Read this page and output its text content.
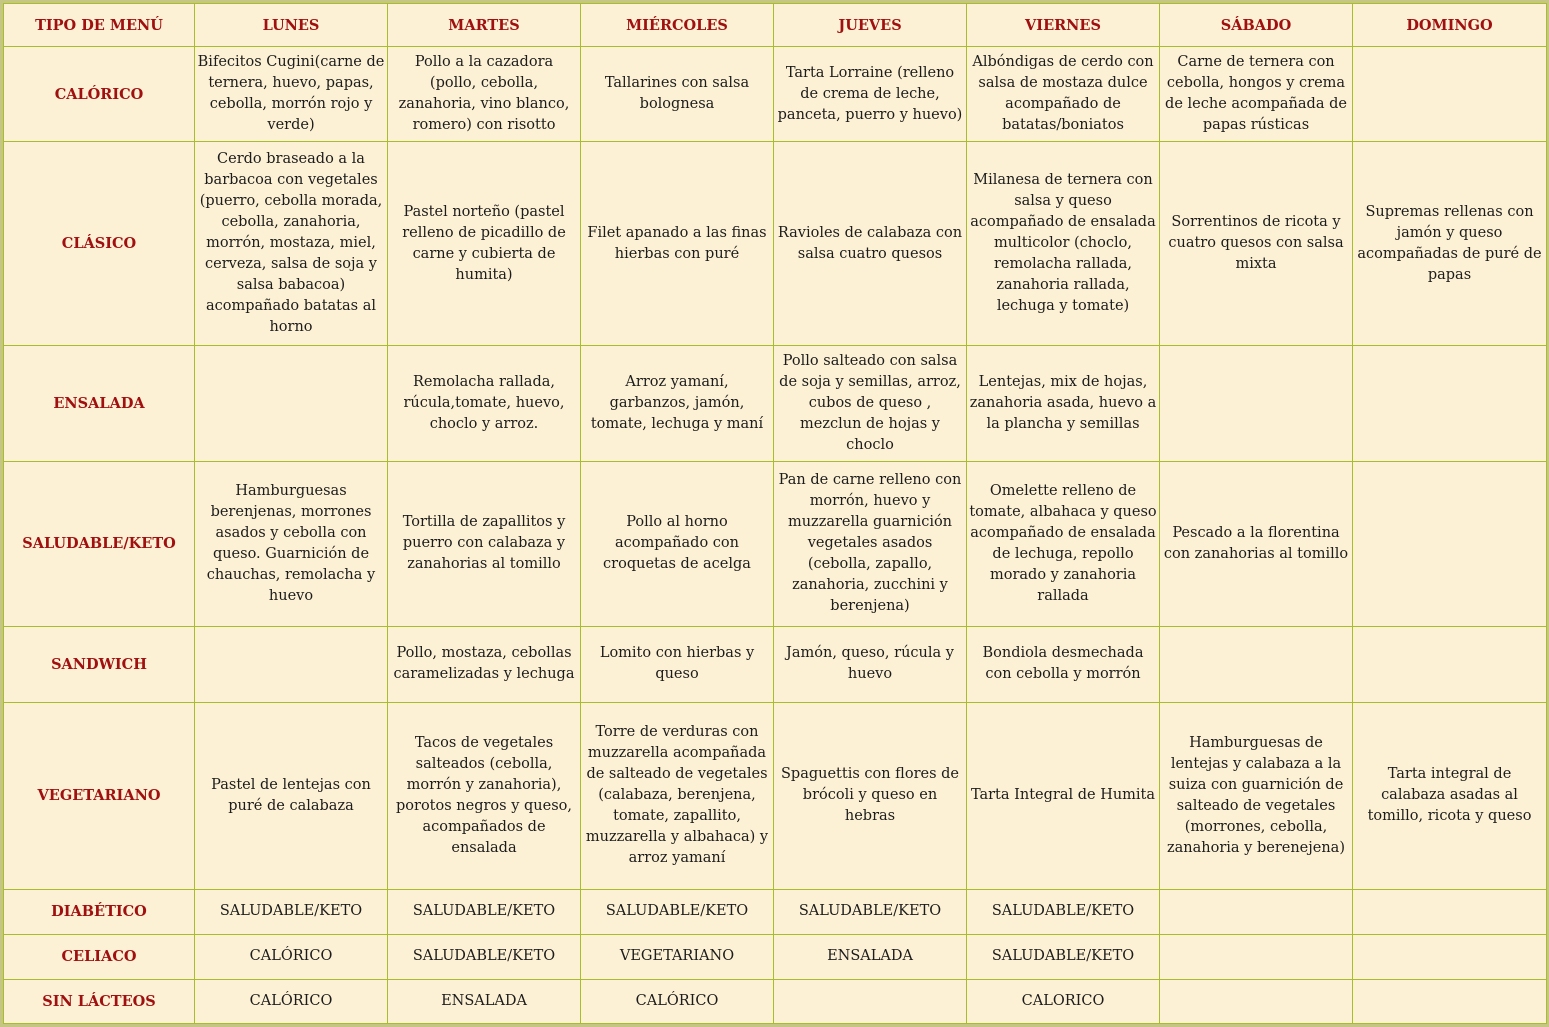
TIPO DE MENÚ	LUNES	MARTES	MIÉRCOLES	JUEVES	VIERNES	SÁBADO	DOMINGO
CALÓRICO	Bifecitos Cugini(carne de ternera, huevo, papas, cebolla, morrón rojo y verde)	Pollo a la cazadora (pollo, cebolla, zanahoria, vino blanco, romero) con risotto	Tallarines con salsa bolognesa	Tarta Lorraine (relleno de crema de leche, panceta, puerro y huevo)	Albóndigas de cerdo con salsa de mostaza dulce acompañado de batatas/boniatos	Carne de ternera con cebolla, hongos y crema de leche acompañada de papas rústicas	
CLÁSICO	Cerdo braseado a la barbacoa con vegetales (puerro, cebolla morada, cebolla, zanahoria, morrón, mostaza, miel, cerveza, salsa de soja y salsa babacoa) acompañado batatas al horno	Pastel norteño (pastel relleno de picadillo de carne y cubierta de humita)	Filet apanado a las finas hierbas con puré	Ravioles de calabaza con salsa cuatro quesos	Milanesa de ternera con salsa y queso acompañado de ensalada multicolor (choclo, remolacha rallada, zanahoria rallada, lechuga y tomate)	Sorrentinos de ricota y cuatro quesos con salsa mixta	Supremas rellenas con jamón y queso acompañadas de puré de papas
ENSALADA		Remolacha rallada, rúcula,tomate, huevo, choclo y arroz.	Arroz yamaní, garbanzos, jamón, tomate, lechuga y maní	Pollo salteado con salsa de soja y semillas, arroz, cubos de queso , mezclun de hojas y choclo	Lentejas, mix de hojas, zanahoria asada, huevo a la plancha y semillas		
SALUDABLE/KETO	Hamburguesas berenjenas, morrones asados y cebolla con queso. Guarnición de chauchas, remolacha y huevo	Tortilla de zapallitos y puerro con calabaza y zanahorias al tomillo	Pollo al horno acompañado con croquetas de acelga	Pan de carne relleno con morrón, huevo y muzzarella guarnición vegetales asados (cebolla, zapallo, zanahoria, zucchini y berenjena)	Omelette relleno de tomate, albahaca y queso acompañado de ensalada de lechuga, repollo morado y zanahoria rallada	Pescado a la florentina con zanahorias al tomillo	
SANDWICH		Pollo, mostaza, cebollas caramelizadas y lechuga	Lomito con hierbas y queso	Jamón, queso, rúcula y huevo	Bondiola desmechada con cebolla y morrón		
VEGETARIANO	Pastel de lentejas con puré de calabaza	Tacos de vegetales salteados (cebolla, morrón y zanahoria), porotos negros y queso, acompañados de ensalada	Torre de verduras con muzzarella acompañada de salteado de vegetales (calabaza, berenjena, tomate, zapallito, muzzarella y albahaca) y arroz yamaní	Spaguettis con flores de brócoli y queso en hebras	Tarta Integral de Humita	Hamburguesas de lentejas y calabaza a la suiza con guarnición de salteado de vegetales (morrones, cebolla, zanahoria y berenejena)	Tarta integral de calabaza asadas al tomillo, ricota y queso
DIABÉTICO	SALUDABLE/KETO	SALUDABLE/KETO	SALUDABLE/KETO	SALUDABLE/KETO	SALUDABLE/KETO		
CELIACO	CALÓRICO	SALUDABLE/KETO	VEGETARIANO	ENSALADA	SALUDABLE/KETO		
SIN LÁCTEOS	CALÓRICO	ENSALADA	CALÓRICO		CALORICO		
